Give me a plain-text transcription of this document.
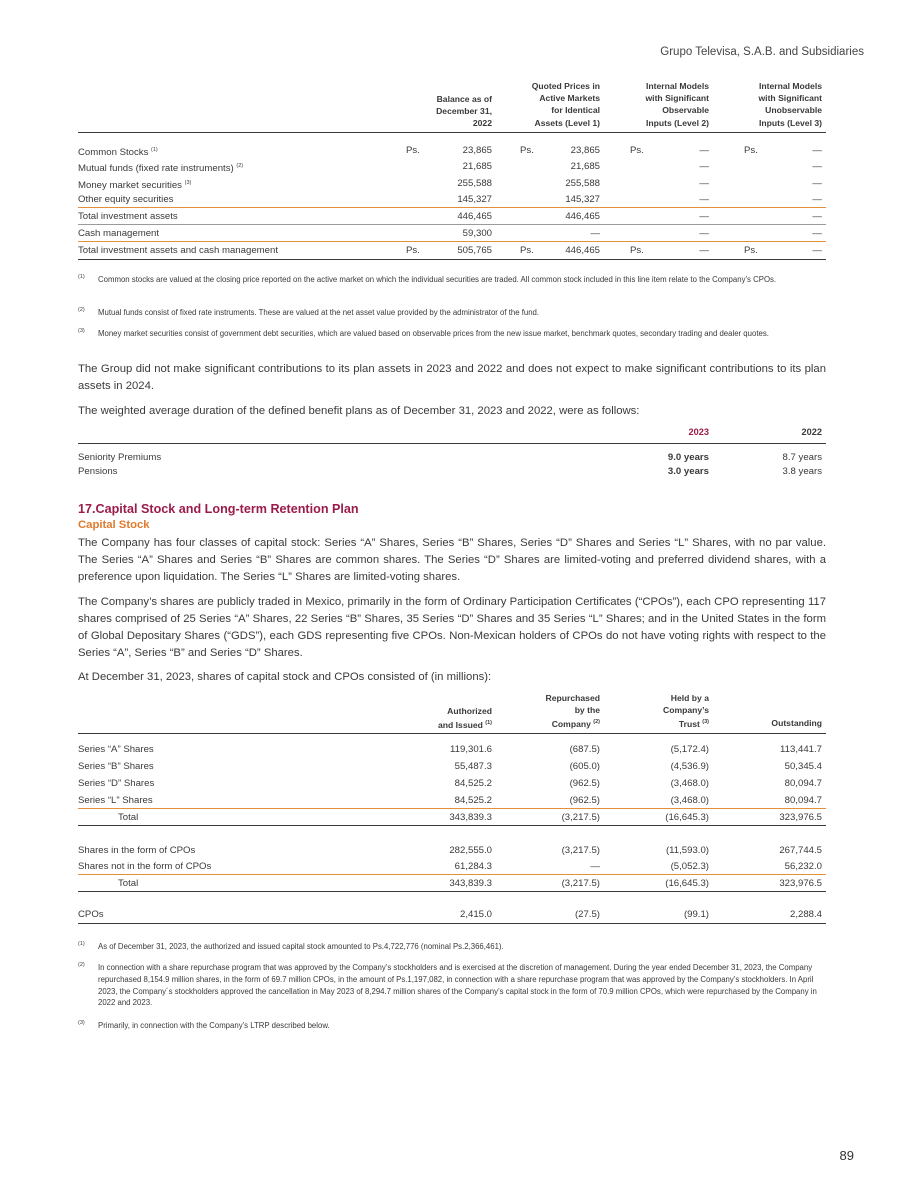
Grupo Televisa, S.A.B. and Subsidiaries
Balance as of
December 31,
2022
Quoted Prices in
Active Markets
for Identical
Assets (Level 1)
Internal Models
with Significant
Observable
Inputs (Level 2)
Internal Models
with Significant
Unobservable
Inputs (Level 3)
Common Stocks $^{(1)}$	Ps.	23,865	Ps.	23,865	Ps.	—	Ps.	—
Mutual funds (fixed rate instruments) $^{(2)}$	21,685	21,685	—	—
Money market securities $^{(3)}$	255,588	255,588	—	—
Other equity securities	145,327	145,327	—	—
Total investment assets	446,465	446,465	—	—
Cash management	59,300	—	—	—
Total investment assets and cash management	Ps.	505,765	Ps.	446,465	Ps.	—	Ps.	—
(1) Common stocks are valued at the closing price reported on the active market on which the individual securities are traded. All common stock included in this line item relate to the Company’s CPOs.
(2) Mutual funds consist of fixed rate instruments. These are valued at the net asset value provided by the administrator of the fund.
(3) Money market securities consist of government debt securities, which are valued based on observable prices from the new issue market, benchmark quotes, secondary trading and dealer quotes.
The Group did not make significant contributions to its plan assets in 2023 and 2022 and does not expect to make significant contributions to its plan assets in 2024.
The weighted average duration of the defined benefit plans as of December 31, 2023 and 2022, were as follows:
2023	2022
Seniority Premiums	9.0 years	8.7 years
Pensions	3.0 years	3.8 years
17.Capital Stock and Long-term Retention Plan
Capital Stock
The Company has four classes of capital stock: Series “A” Shares, Series “B” Shares, Series “D” Shares and Series “L” Shares, with no par value. The Series “A” Shares and Series “B” Shares are common shares. The Series “D” Shares are limited-voting and preferred dividend shares, with a preference upon liquidation. The Series “L” Shares are limited-voting shares.
The Company’s shares are publicly traded in Mexico, primarily in the form of Ordinary Participation Certificates (“CPOs”), each CPO representing 117 shares comprised of 25 Series “A” Shares, 22 Series “B” Shares, 35 Series “D” Shares and 35 Series “L” Shares; and in the United States in the form of Global Depositary Shares (“GDS”), each GDS representing five CPOs. Non-Mexican holders of CPOs do not have voting rights with respect to the Series “A”, Series “B” and Series “D” Shares.
At December 31, 2023, shares of capital stock and CPOs consisted of (in millions):
Authorized
and Issued $^{(1)}$
Repurchased
by the
Company $^{(2)}$
Held by a
Company’s
Trust $^{(3)}$	Outstanding
Series “A” Shares	119,301.6	(687.5)	(5,172.4)	113,441.7
Series “B” Shares	55,487.3	(605.0)	(4,536.9)	50,345.4
Series “D” Shares	84,525.2	(962.5)	(3,468.0)	80,094.7
Series “L” Shares	84,525.2	(962.5)	(3,468.0)	80,094.7
Total	343,839.3	(3,217.5)	(16,645.3)	323,976.5
Shares in the form of CPOs	282,555.0	(3,217.5)	(11,593.0)	267,744.5
Shares not in the form of CPOs	61,284.3	—	(5,052.3)	56,232.0
Total	343,839.3	(3,217.5)	(16,645.3)	323,976.5
CPOs	2,415.0	(27.5)	(99.1)	2,288.4
(1) As of December 31, 2023, the authorized and issued capital stock amounted to Ps.4,722,776 (nominal Ps.2,366,461).
(2) In connection with a share repurchase program that was approved by the Company’s stockholders and is exercised at the discretion of management. During the year ended December 31, 2023, the Company repurchased 8,154.9 million shares, in the form of 69.7 million CPOs, in the amount of Ps.1,197,082, in connection with a share repurchase program that was approved by the Company’s stockholders. In April 2023, the Company´s stockholders approved the cancellation in May 2023 of 8,294.7 million shares of the Company’s capital stock in the form of 70.9 million CPOs, which were repurchased by the Company in 2022 and 2023.
(3) Primarily, in connection with the Company’s LTRP described below.
89
